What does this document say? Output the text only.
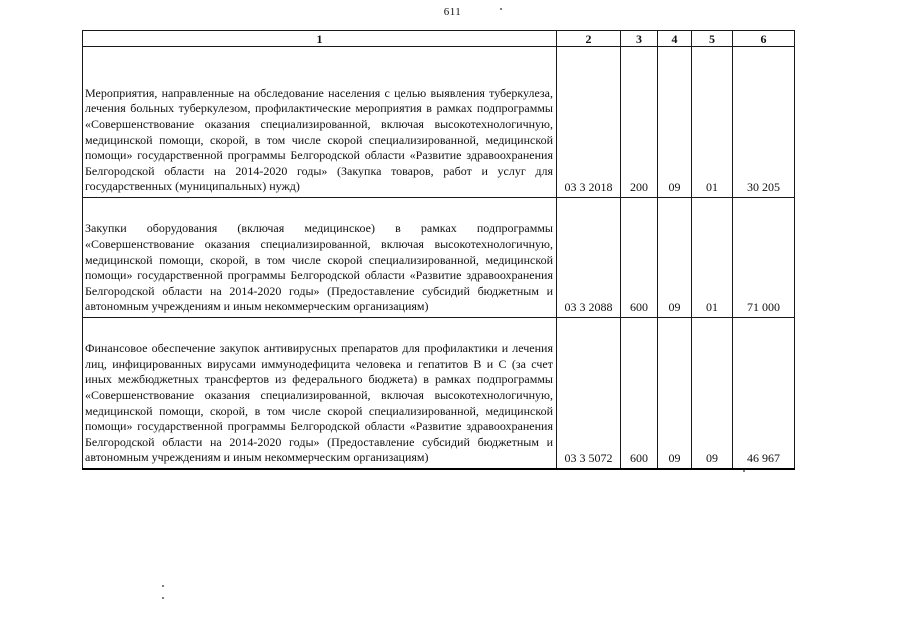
611
1	2	3	4	5	6
Мероприятия, направленные на обследование населения с целью выявления туберкулеза, лечения больных туберкулезом, профилактические мероприятия в рамках подпрограммы «Совершенствование оказания специализированной, включая высокотехнологичную, медицинской помощи, скорой, в том числе скорой специализированной, медицинской помощи» государственной программы Белгородской области «Развитие здравоохранения Белгородской области на 2014-2020 годы» (Закупка товаров, работ и услуг для государственных (муниципальных) нужд)	03 3 2018	200	09	01	30 205
Закупки оборудования (включая медицинское) в рамках подпрограммы «Совершенствование оказания специализированной, включая высокотехнологичную, медицинской помощи, скорой, в том числе скорой специализированной, медицинской помощи» государственной программы Белгородской области «Развитие здравоохранения Белгородской области на 2014-2020 годы» (Предоставление субсидий бюджетным и автономным учреждениям и иным некоммерческим организациям)	03 3 2088	600	09	01	71 000
Финансовое обеспечение закупок антивирусных препаратов для профилактики и лечения лиц, инфицированных вирусами иммунодефицита человека и гепатитов В и С (за счет иных межбюджетных трансфертов из федерального бюджета) в рамках подпрограммы «Совершенствование оказания специализированной, включая высокотехнологичную, медицинской помощи, скорой, в том числе скорой специализированной, медицинской помощи» государственной программы Белгородской области «Развитие здравоохранения Белгородской области на 2014-2020 годы» (Предоставление субсидий бюджетным и автономным учреждениям и иным некоммерческим организациям)	03 3 5072	600	09	09	46 967
